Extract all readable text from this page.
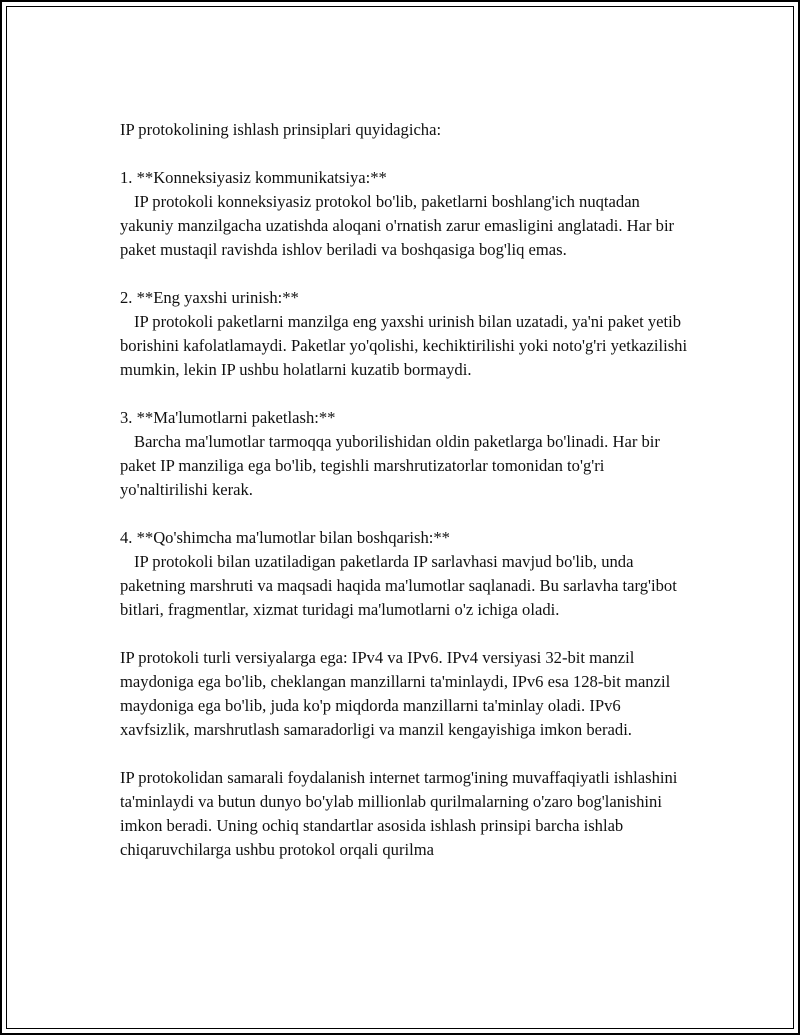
IP protokolining ishlash prinsiplari quyidagicha:

1. **Konneksiyasiz kommunikatsiya:**

IP protokoli konneksiyasiz protokol bo'lib, paketlarni boshlang'ich nuqtadan yakuniy manzilgacha uzatishda aloqani o'rnatish zarur emasligini anglatadi. Har bir paket mustaqil ravishda ishlov beriladi va boshqasiga bog'liq emas.

2. **Eng yaxshi urinish:**

IP protokoli paketlarni manzilga eng yaxshi urinish bilan uzatadi, ya'ni paket yetib borishini kafolatlamaydi. Paketlar yo'qolishi, kechiktirilishi yoki noto'g'ri yetkazilishi mumkin, lekin IP ushbu holatlarni kuzatib bormaydi.

3. **Ma'lumotlarni paketlash:**

Barcha ma'lumotlar tarmoqqa yuborilishidan oldin paketlarga bo'linadi. Har bir paket IP manziliga ega bo'lib, tegishli marshrutizatorlar tomonidan to'g'ri yo'naltirilishi kerak.

4. **Qo'shimcha ma'lumotlar bilan boshqarish:**

IP protokoli bilan uzatiladigan paketlarda IP sarlavhasi mavjud bo'lib, unda paketning marshruti va maqsadi haqida ma'lumotlar saqlanadi. Bu sarlavha targ'ibot bitlari, fragmentlar, xizmat turidagi ma'lumotlarni o'z ichiga oladi.

IP protokoli turli versiyalarga ega: IPv4 va IPv6. IPv4 versiyasi 32-bit manzil maydoniga ega bo'lib, cheklangan manzillarni ta'minlaydi, IPv6 esa 128-bit manzil maydoniga ega bo'lib, juda ko'p miqdorda manzillarni ta'minlay oladi. IPv6 xavfsizlik, marshrutlash samaradorligi va manzil kengayishiga imkon beradi.

IP protokolidan samarali foydalanish internet tarmog'ining muvaffaqiyatli ishlashini ta'minlaydi va butun dunyo bo'ylab millionlab qurilmalarning o'zaro bog'lanishini imkon beradi. Uning ochiq standartlar asosida ishlash prinsipi barcha ishlab chiqaruvchilarga ushbu protokol orqali qurilma
